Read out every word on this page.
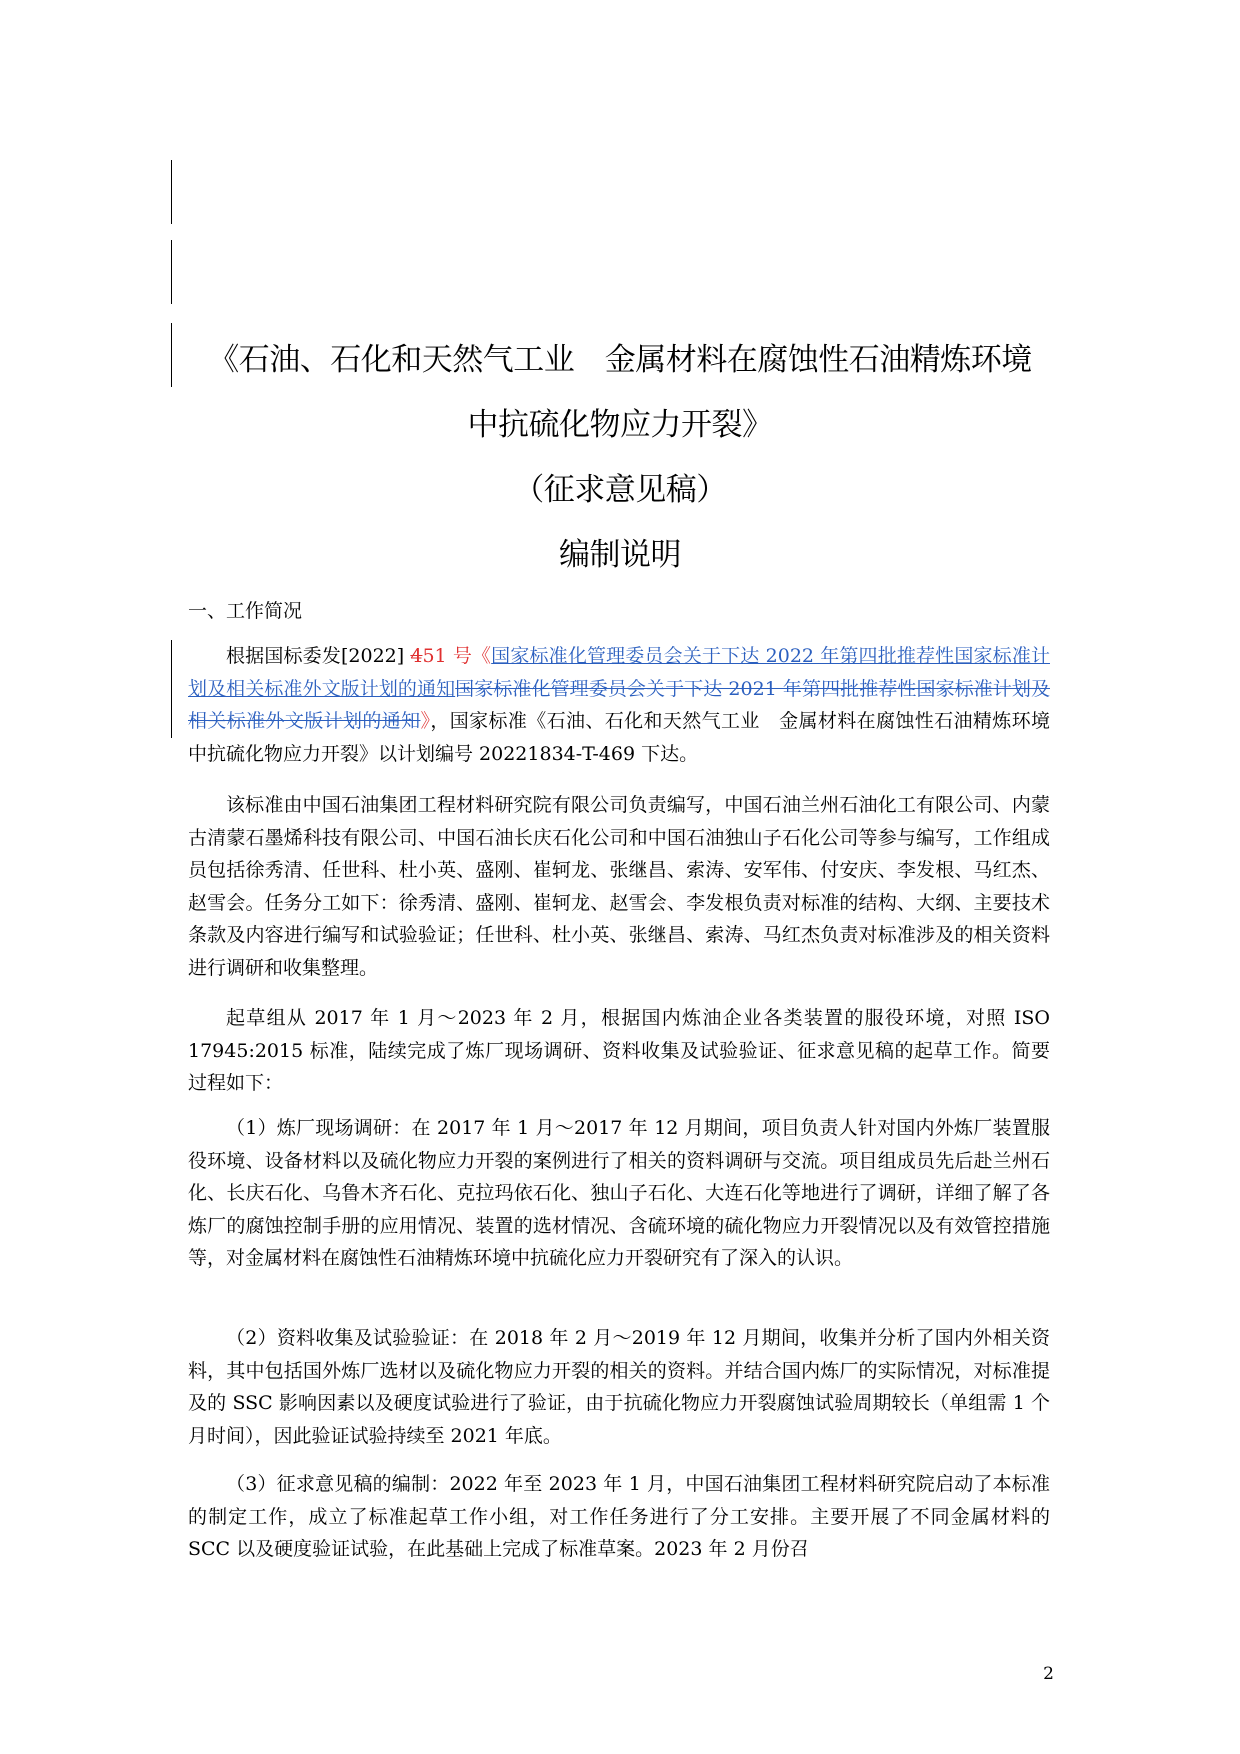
《石油、石化和天然气工业　金属材料在腐蚀性石油精炼环境
中抗硫化物应力开裂》
（征求意见稿）
编制说明
一、工作简况
根据国标委发[2022] 451 号《国家标准化管理委员会关于下达 2022 年第四批推荐性国家标准计划及相关标准外文版计划的通知国家标准化管理委员会关于下达 2021 年第四批推荐性国家标准计划及相关标准外文版计划的通知》，国家标准《石油、石化和天然气工业　金属材料在腐蚀性石油精炼环境中抗硫化物应力开裂》以计划编号 20221834-T-469 下达。
该标准由中国石油集团工程材料研究院有限公司负责编写，中国石油兰州石油化工有限公司、内蒙古清蒙石墨烯科技有限公司、中国石油长庆石化公司和中国石油独山子石化公司等参与编写，工作组成员包括徐秀清、任世科、杜小英、盛刚、崔轲龙、张继昌、索涛、安军伟、付安庆、李发根、马红杰、赵雪会。任务分工如下：徐秀清、盛刚、崔轲龙、赵雪会、李发根负责对标准的结构、大纲、主要技术条款及内容进行编写和试验验证；任世科、杜小英、张继昌、索涛、马红杰负责对标准涉及的相关资料进行调研和收集整理。
起草组从 2017 年 1 月～2023 年 2 月，根据国内炼油企业各类装置的服役环境，对照 ISO 17945:2015 标准，陆续完成了炼厂现场调研、资料收集及试验验证、征求意见稿的起草工作。简要过程如下：
（1）炼厂现场调研：在 2017 年 1 月～2017 年 12 月期间，项目负责人针对国内外炼厂装置服役环境、设备材料以及硫化物应力开裂的案例进行了相关的资料调研与交流。项目组成员先后赴兰州石化、长庆石化、乌鲁木齐石化、克拉玛依石化、独山子石化、大连石化等地进行了调研，详细了解了各炼厂的腐蚀控制手册的应用情况、装置的选材情况、含硫环境的硫化物应力开裂情况以及有效管控措施等，对金属材料在腐蚀性石油精炼环境中抗硫化应力开裂研究有了深入的认识。
（2）资料收集及试验验证：在 2018 年 2 月～2019 年 12 月期间，收集并分析了国内外相关资料，其中包括国外炼厂选材以及硫化物应力开裂的相关的资料。并结合国内炼厂的实际情况，对标准提及的 SSC 影响因素以及硬度试验进行了验证，由于抗硫化物应力开裂腐蚀试验周期较长（单组需 1 个月时间），因此验证试验持续至 2021 年底。
（3）征求意见稿的编制：2022 年至 2023 年 1 月，中国石油集团工程材料研究院启动了本标准的制定工作，成立了标准起草工作小组，对工作任务进行了分工安排。主要开展了不同金属材料的 SCC 以及硬度验证试验，在此基础上完成了标准草案。2023 年 2 月份召
2
